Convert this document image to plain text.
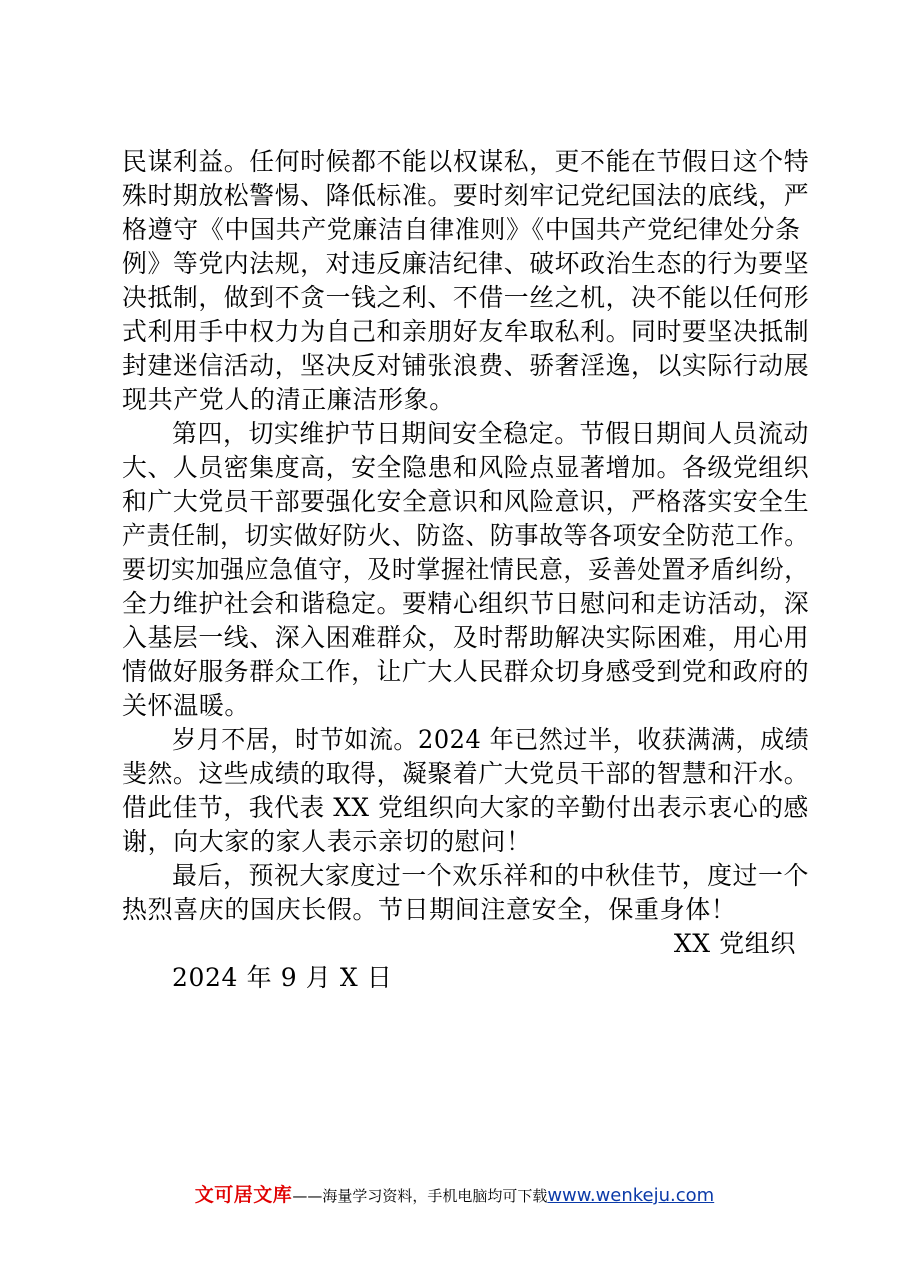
民谋利益。任何时候都不能以权谋私，更不能在节假日这个特
殊时期放松警惕、降低标准。要时刻牢记党纪国法的底线，严
格遵守《中国共产党廉洁自律准则》《中国共产党纪律处分条
例》等党内法规，对违反廉洁纪律、破坏政治生态的行为要坚
决抵制，做到不贪一钱之利、不借一丝之机，决不能以任何形
式利用手中权力为自己和亲朋好友牟取私利。同时要坚决抵制
封建迷信活动，坚决反对铺张浪费、骄奢淫逸，以实际行动展
现共产党人的清正廉洁形象。
第四，切实维护节日期间安全稳定。节假日期间人员流动
大、人员密集度高，安全隐患和风险点显著增加。各级党组织
和广大党员干部要强化安全意识和风险意识，严格落实安全生
产责任制，切实做好防火、防盗、防事故等各项安全防范工作。
要切实加强应急值守，及时掌握社情民意，妥善处置矛盾纠纷，
全力维护社会和谐稳定。要精心组织节日慰问和走访活动，深
入基层一线、深入困难群众，及时帮助解决实际困难，用心用
情做好服务群众工作，让广大人民群众切身感受到党和政府的
关怀温暖。
岁月不居，时节如流。2024 年已然过半，收获满满，成绩
斐然。这些成绩的取得，凝聚着广大党员干部的智慧和汗水。
借此佳节，我代表 XX 党组织向大家的辛勤付出表示衷心的感
谢，向大家的家人表示亲切的慰问！
最后，预祝大家度过一个欢乐祥和的中秋佳节，度过一个
热烈喜庆的国庆长假。节日期间注意安全，保重身体！
XX 党组织
2024 年 9 月 X 日
文可居文库——海量学习资料，手机电脑均可下载www.wenkeju.com
